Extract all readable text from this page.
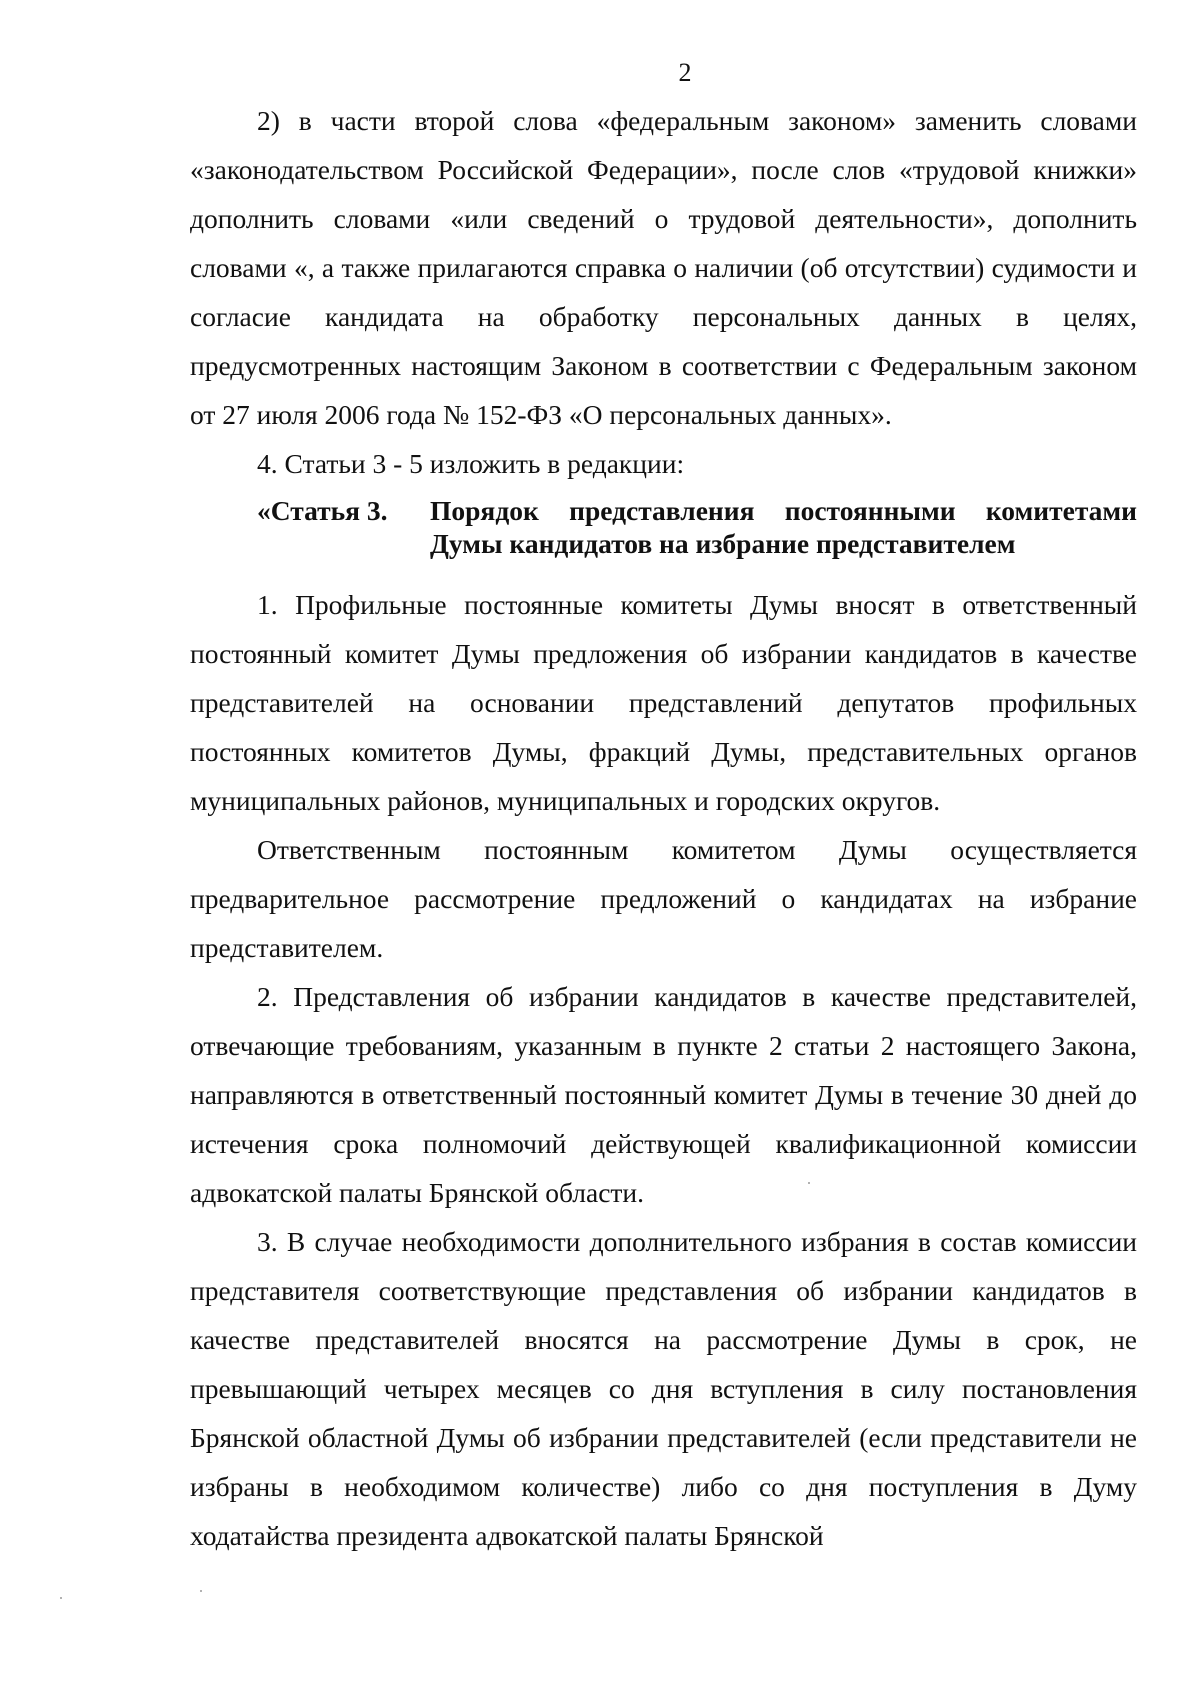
2

2) в части второй слова «федеральным законом» заменить словами «законодательством Российской Федерации», после слов «трудовой книжки» дополнить словами «или сведений о трудовой деятельности», дополнить словами «, а также прилагаются справка о наличии (об отсутствии) судимости и согласие кандидата на обработку персональных данных в целях, предусмотренных настоящим Законом в соответствии с Федеральным законом от 27 июля 2006 года № 152-ФЗ «О персональных данных».

4. Статьи 3 - 5 изложить в редакции:

«Статья 3. Порядок представления постоянными комитетами
Думы кандидатов на избрание представителем

1. Профильные постоянные комитеты Думы вносят в ответственный постоянный комитет Думы предложения об избрании кандидатов в качестве представителей на основании представлений депутатов профильных постоянных комитетов Думы, фракций Думы, представительных органов муниципальных районов, муниципальных и городских округов.

Ответственным постоянным комитетом Думы осуществляется предварительное рассмотрение предложений о кандидатах на избрание представителем.

2. Представления об избрании кандидатов в качестве представителей, отвечающие требованиям, указанным в пункте 2 статьи 2 настоящего Закона, направляются в ответственный постоянный комитет Думы в течение 30 дней до истечения срока полномочий действующей квалификационной комиссии адвокатской палаты Брянской области.

3. В случае необходимости дополнительного избрания в состав комиссии представителя соответствующие представления об избрании кандидатов в качестве представителей вносятся на рассмотрение Думы в срок, не превышающий четырех месяцев со дня вступления в силу постановления Брянской областной Думы об избрании представителей (если представители не избраны в необходимом количестве) либо со дня поступления в Думу ходатайства президента адвокатской палаты Брянской
